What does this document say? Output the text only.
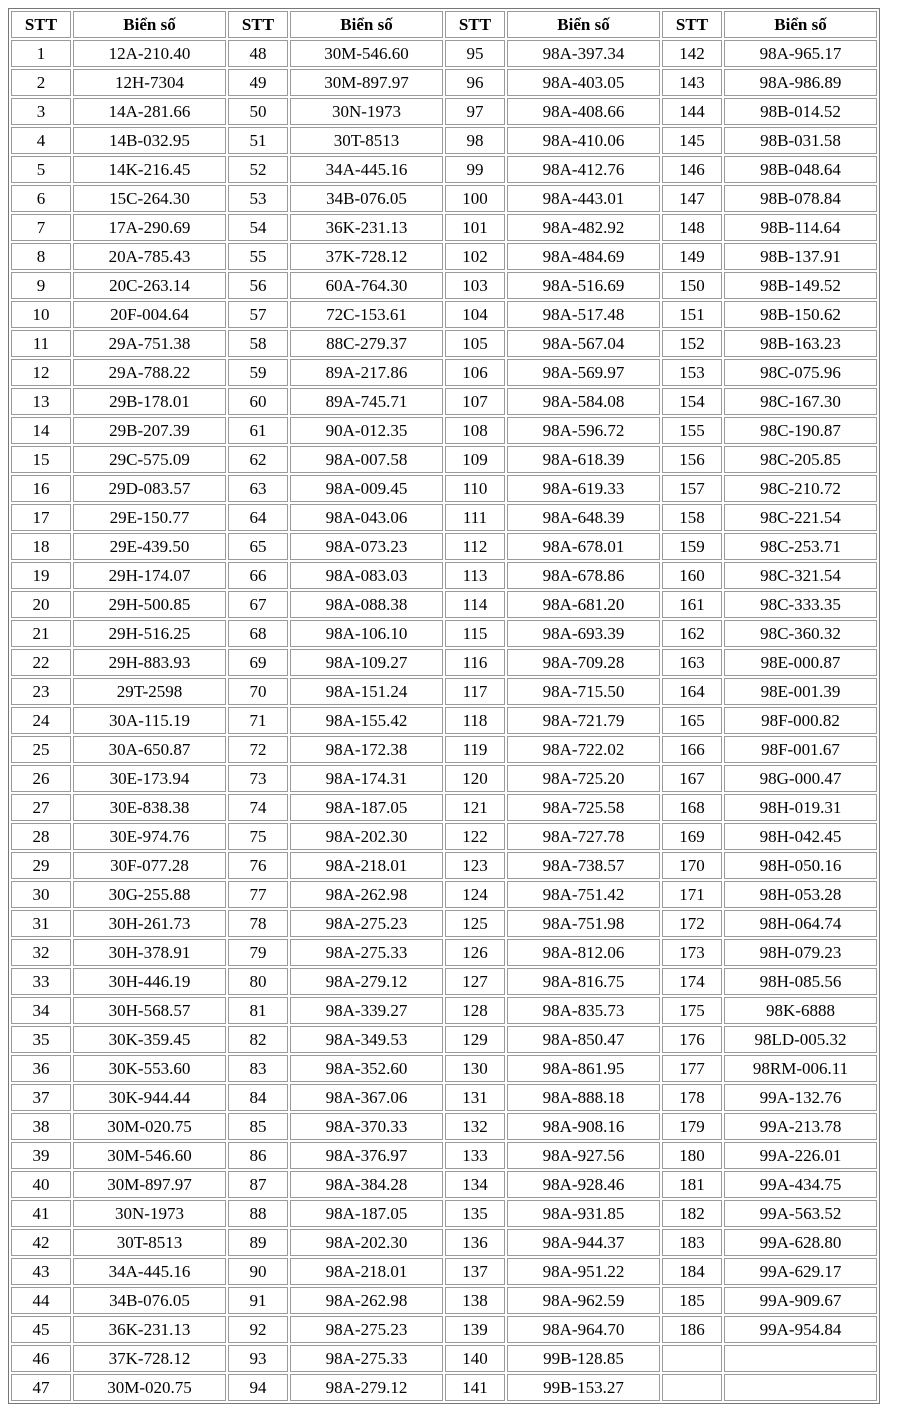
STT	Biển số	STT	Biển số	STT	Biển số	STT	Biển số
1	12A-210.40	48	30M-546.60	95	98A-397.34	142	98A-965.17
2	12H-7304	49	30M-897.97	96	98A-403.05	143	98A-986.89
3	14A-281.66	50	30N-1973	97	98A-408.66	144	98B-014.52
4	14B-032.95	51	30T-8513	98	98A-410.06	145	98B-031.58
5	14K-216.45	52	34A-445.16	99	98A-412.76	146	98B-048.64
6	15C-264.30	53	34B-076.05	100	98A-443.01	147	98B-078.84
7	17A-290.69	54	36K-231.13	101	98A-482.92	148	98B-114.64
8	20A-785.43	55	37K-728.12	102	98A-484.69	149	98B-137.91
9	20C-263.14	56	60A-764.30	103	98A-516.69	150	98B-149.52
10	20F-004.64	57	72C-153.61	104	98A-517.48	151	98B-150.62
11	29A-751.38	58	88C-279.37	105	98A-567.04	152	98B-163.23
12	29A-788.22	59	89A-217.86	106	98A-569.97	153	98C-075.96
13	29B-178.01	60	89A-745.71	107	98A-584.08	154	98C-167.30
14	29B-207.39	61	90A-012.35	108	98A-596.72	155	98C-190.87
15	29C-575.09	62	98A-007.58	109	98A-618.39	156	98C-205.85
16	29D-083.57	63	98A-009.45	110	98A-619.33	157	98C-210.72
17	29E-150.77	64	98A-043.06	111	98A-648.39	158	98C-221.54
18	29E-439.50	65	98A-073.23	112	98A-678.01	159	98C-253.71
19	29H-174.07	66	98A-083.03	113	98A-678.86	160	98C-321.54
20	29H-500.85	67	98A-088.38	114	98A-681.20	161	98C-333.35
21	29H-516.25	68	98A-106.10	115	98A-693.39	162	98C-360.32
22	29H-883.93	69	98A-109.27	116	98A-709.28	163	98E-000.87
23	29T-2598	70	98A-151.24	117	98A-715.50	164	98E-001.39
24	30A-115.19	71	98A-155.42	118	98A-721.79	165	98F-000.82
25	30A-650.87	72	98A-172.38	119	98A-722.02	166	98F-001.67
26	30E-173.94	73	98A-174.31	120	98A-725.20	167	98G-000.47
27	30E-838.38	74	98A-187.05	121	98A-725.58	168	98H-019.31
28	30E-974.76	75	98A-202.30	122	98A-727.78	169	98H-042.45
29	30F-077.28	76	98A-218.01	123	98A-738.57	170	98H-050.16
30	30G-255.88	77	98A-262.98	124	98A-751.42	171	98H-053.28
31	30H-261.73	78	98A-275.23	125	98A-751.98	172	98H-064.74
32	30H-378.91	79	98A-275.33	126	98A-812.06	173	98H-079.23
33	30H-446.19	80	98A-279.12	127	98A-816.75	174	98H-085.56
34	30H-568.57	81	98A-339.27	128	98A-835.73	175	98K-6888
35	30K-359.45	82	98A-349.53	129	98A-850.47	176	98LD-005.32
36	30K-553.60	83	98A-352.60	130	98A-861.95	177	98RM-006.11
37	30K-944.44	84	98A-367.06	131	98A-888.18	178	99A-132.76
38	30M-020.75	85	98A-370.33	132	98A-908.16	179	99A-213.78
39	30M-546.60	86	98A-376.97	133	98A-927.56	180	99A-226.01
40	30M-897.97	87	98A-384.28	134	98A-928.46	181	99A-434.75
41	30N-1973	88	98A-187.05	135	98A-931.85	182	99A-563.52
42	30T-8513	89	98A-202.30	136	98A-944.37	183	99A-628.80
43	34A-445.16	90	98A-218.01	137	98A-951.22	184	99A-629.17
44	34B-076.05	91	98A-262.98	138	98A-962.59	185	99A-909.67
45	36K-231.13	92	98A-275.23	139	98A-964.70	186	99A-954.84
46	37K-728.12	93	98A-275.33	140	99B-128.85		
47	30M-020.75	94	98A-279.12	141	99B-153.27		
